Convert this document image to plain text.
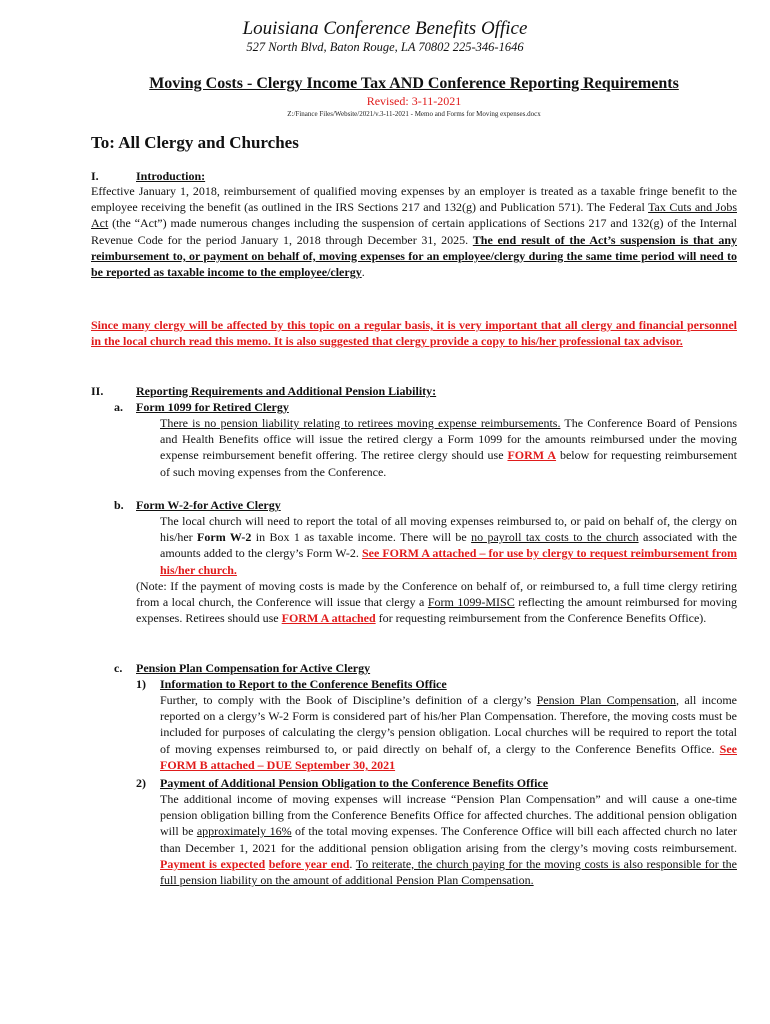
Louisiana Conference Benefits Office
527 North Blvd, Baton Rouge, LA 70802 225-346-1646
Moving Costs - Clergy Income Tax AND Conference Reporting Requirements
Revised: 3-11-2021
Z:/Finance Files/Website/2021/v.3-11-2021 - Memo and Forms for Moving expenses.docx
To: All Clergy and Churches
I.	Introduction:
Effective January 1, 2018, reimbursement of qualified moving expenses by an employer is treated as a taxable fringe benefit to the employee receiving the benefit (as outlined in the IRS Sections 217 and 132(g) and Publication 571). The Federal Tax Cuts and Jobs Act (the “Act”) made numerous changes including the suspension of certain applications of Sections 217 and 132(g) of the Internal Revenue Code for the period January 1, 2018 through December 31, 2025. The end result of the Act’s suspension is that any reimbursement to, or payment on behalf of, moving expenses for an employee/clergy during the same time period will need to be reported as taxable income to the employee/clergy.
Since many clergy will be affected by this topic on a regular basis, it is very important that all clergy and financial personnel in the local church read this memo. It is also suggested that clergy provide a copy to his/her professional tax advisor.
II.	Reporting Requirements and Additional Pension Liability:
a. Form 1099 for Retired Clergy
There is no pension liability relating to retirees moving expense reimbursements. The Conference Board of Pensions and Health Benefits office will issue the retired clergy a Form 1099 for the amounts reimbursed under the moving expense reimbursement benefit offering. The retiree clergy should use FORM A below for requesting reimbursement of such moving expenses from the Conference.
b. Form W-2-for Active Clergy
The local church will need to report the total of all moving expenses reimbursed to, or paid on behalf of, the clergy on his/her Form W-2 in Box 1 as taxable income. There will be no payroll tax costs to the church associated with the amounts added to the clergy’s Form W-2. See FORM A attached – for use by clergy to request reimbursement from his/her church.
(Note: If the payment of moving costs is made by the Conference on behalf of, or reimbursed to, a full time clergy retiring from a local church, the Conference will issue that clergy a Form 1099-MISC reflecting the amount reimbursed for moving expenses. Retirees should use FORM A attached for requesting reimbursement from the Conference Benefits Office).
c. Pension Plan Compensation for Active Clergy
1) Information to Report to the Conference Benefits Office
Further, to comply with the Book of Discipline’s definition of a clergy’s Pension Plan Compensation, all income reported on a clergy’s W-2 Form is considered part of his/her Plan Compensation. Therefore, the moving costs must be included for purposes of calculating the clergy’s pension obligation. Local churches will be required to report the total of moving expenses reimbursed to, or paid directly on behalf of, a clergy to the Conference Benefits Office. See FORM B attached – DUE September 30, 2021
2) Payment of Additional Pension Obligation to the Conference Benefits Office
The additional income of moving expenses will increase “Pension Plan Compensation” and will cause a one-time pension obligation billing from the Conference Benefits Office for affected churches. The additional pension obligation will be approximately 16% of the total moving expenses. The Conference Office will bill each affected church no later than December 1, 2021 for the additional pension obligation arising from the clergy’s moving costs reimbursement. Payment is expected before year end. To reiterate, the church paying for the moving costs is also responsible for the full pension liability on the amount of additional Pension Plan Compensation.
